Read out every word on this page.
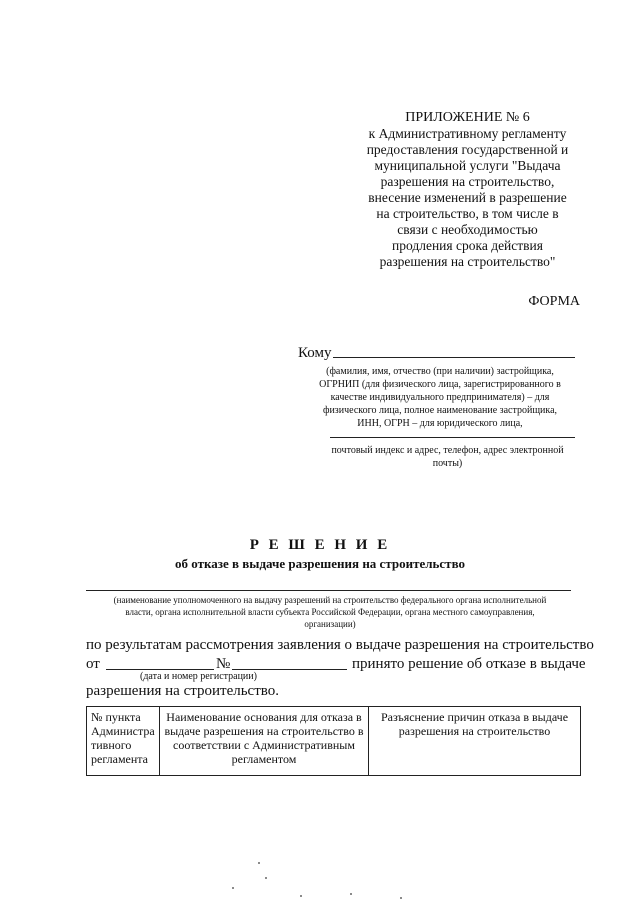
ПРИЛОЖЕНИЕ № 6
к Административному регламенту
предоставления государственной и
муниципальной услуги "Выдача
разрешения на строительство,
внесение изменений в разрешение
на строительство, в том числе в
связи с необходимостью
продления срока действия
разрешения на строительство"
ФОРМА
Кому
(фамилия, имя, отчество (при наличии) застройщика,
ОГРНИП (для физического лица, зарегистрированного в
качестве индивидуального предпринимателя) – для
физического лица, полное наименование застройщика,
ИНН, ОГРН – для юридического лица,
почтовый индекс и адрес, телефон, адрес электронной
почты)
Р Е Ш Е Н И Е
об отказе в выдаче разрешения на строительство
(наименование уполномоченного на выдачу разрешений на строительство федерального органа исполнительной
власти, органа исполнительной власти субъекта Российской Федерации, органа местного самоуправления,
организации)
по результатам рассмотрения заявления о выдаче разрешения на строительство
от	№	принято решение об отказе в выдаче
(дата и номер регистрации)
разрешения на строительство.
№ пункта
Администра
тивного
регламента
	Наименование основания для отказа в выдаче разрешения на строительство в соответствии с Административным регламентом	Разъяснение причин отказа в выдаче разрешения на строительство
